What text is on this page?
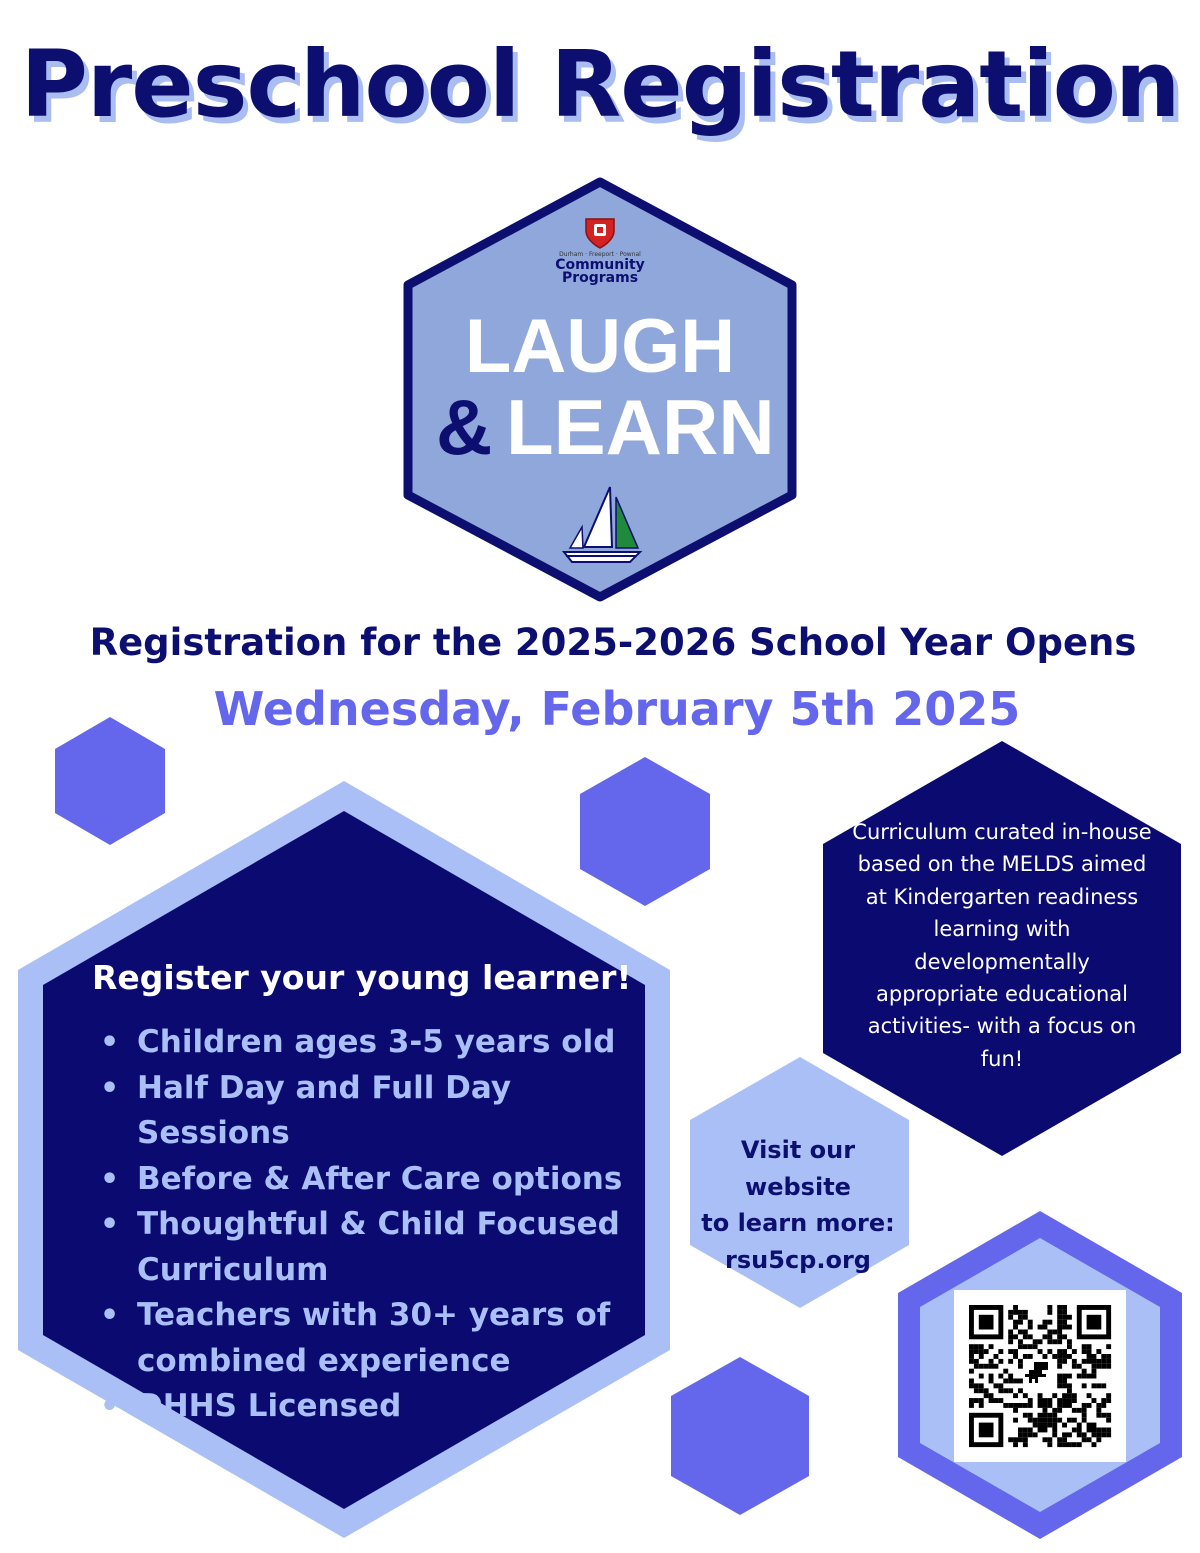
Preschool Registration
Durham · Freeport · Pownal
Community
Programs
LAUGH
& LEARN
Registration for the 2025-2026 School Year Opens
Wednesday, February 5th 2025
Register your young learner!
• Children ages 3-5 years old
• Half Day and Full Day Sessions
• Before & After Care options
• Thoughtful & Child Focused Curriculum
• Teachers with 30+ years of combined experience
• DHHS Licensed
Curriculum curated in-house based on the MELDS aimed at Kindergarten readiness learning with developmentally appropriate educational activities- with a focus on fun!
Visit our website
to learn more:
rsu5cp.org
